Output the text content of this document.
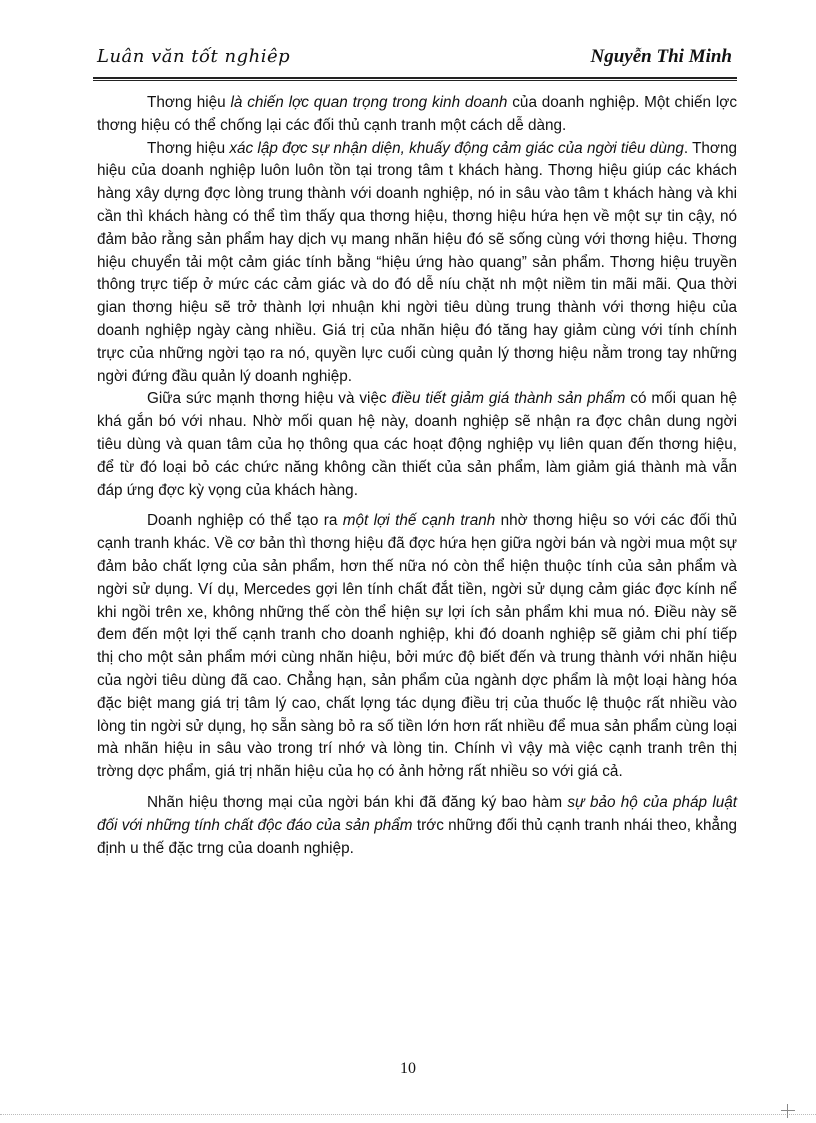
Luân văn tốt nghiêp	Nguyễn Thi Minh

Thơng hiệu là chiến lợc quan trọng trong kinh doanh của doanh nghiệp. Một chiến lợc thơng hiệu có thể chống lại các đối thủ cạnh tranh một cách dễ dàng.

Thơng hiệu xác lập đợc sự nhận diện, khuấy động cảm giác của ngời tiêu dùng. Thơng hiệu của doanh nghiệp luôn luôn tồn tại trong tâm t khách hàng. Thơng hiệu giúp các khách hàng xây dựng đợc lòng trung thành với doanh nghiệp, nó in sâu vào tâm t khách hàng và khi cần thì khách hàng có thể tìm thấy qua thơng hiệu, thơng hiệu hứa hẹn về một sự tin cậy, nó đảm bảo rằng sản phẩm hay dịch vụ mang nhãn hiệu đó sẽ sống cùng với thơng hiệu. Thơng hiệu chuyển tải một cảm giác tính bằng “hiệu ứng hào quang” sản phẩm. Thơng hiệu truyền thông trực tiếp ở mức các cảm giác và do đó dễ níu chặt nh một niềm tin mãi mãi. Qua thời gian thơng hiệu sẽ trở thành lợi nhuận khi ngời tiêu dùng trung thành với thơng hiệu của doanh nghiệp ngày càng nhiều. Giá trị của nhãn hiệu đó tăng hay giảm cùng với tính chính trực của những ngời tạo ra nó, quyền lực cuối cùng quản lý thơng hiệu nằm trong tay những ngời đứng đầu quản lý doanh nghiệp.

Giữa sức mạnh thơng hiệu và việc điều tiết giảm giá thành sản phẩm có mối quan hệ khá gắn bó với nhau. Nhờ mối quan hệ này, doanh nghiệp sẽ nhận ra đợc chân dung ngời tiêu dùng và quan tâm của họ thông qua các hoạt động nghiệp vụ liên quan đến thơng hiệu, để từ đó loại bỏ các chức năng không cần thiết của sản phẩm, làm giảm giá thành mà vẫn đáp ứng đợc kỳ vọng của khách hàng.

Doanh nghiệp có thể tạo ra một lợi thế cạnh tranh nhờ thơng hiệu so với các đối thủ cạnh tranh khác. Về cơ bản thì thơng hiệu đã đợc hứa hẹn giữa ngời bán và ngời mua một sự đảm bảo chất lợng của sản phẩm, hơn thế nữa nó còn thể hiện thuộc tính của sản phẩm và ngời sử dụng. Ví dụ, Mercedes gợi lên tính chất đắt tiền, ngời sử dụng cảm giác đợc kính nể khi ngồi trên xe, không những thế còn thể hiện sự lợi ích sản phẩm khi mua nó. Điều này sẽ đem đến một lợi thế cạnh tranh cho doanh nghiệp, khi đó doanh nghiệp sẽ giảm chi phí tiếp thị cho một sản phẩm mới cùng nhãn hiệu, bởi mức độ biết đến và trung thành với nhãn hiệu của ngời tiêu dùng đã cao. Chẳng hạn, sản phẩm của ngành dợc phẩm là một loại hàng hóa đặc biệt mang giá trị tâm lý cao, chất lợng tác dụng điều trị của thuốc lệ thuộc rất nhiều vào lòng tin ngời sử dụng, họ sẵn sàng bỏ ra số tiền lớn hơn rất nhiều để mua sản phẩm cùng loại mà nhãn hiệu in sâu vào trong trí nhớ và lòng tin. Chính vì vậy mà việc cạnh tranh trên thị trờng dợc phẩm, giá trị nhãn hiệu của họ có ảnh hởng rất nhiều so với giá cả.

Nhãn hiệu thơng mại của ngời bán khi đã đăng ký bao hàm sự bảo hộ của pháp luật đối với những tính chất độc đáo của sản phẩm trớc những đối thủ cạnh tranh nhái theo, khẳng định u thế đặc trng của doanh nghiệp.

10
